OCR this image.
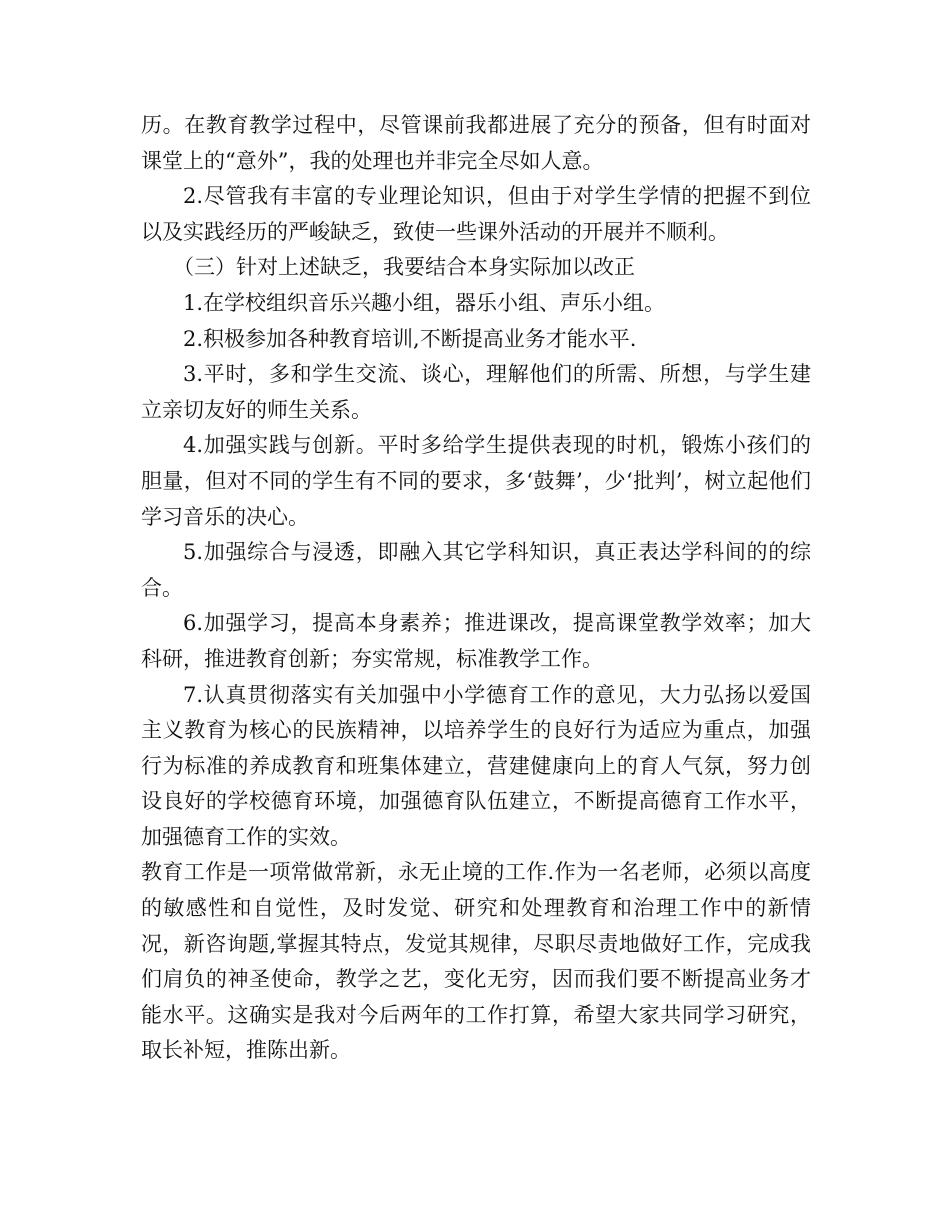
历。在教育教学过程中，尽管课前我都进展了充分的预备，但有时面对课堂上的“意外”，我的处理也并非完全尽如人意。

2.尽管我有丰富的专业理论知识，但由于对学生学情的把握不到位以及实践经历的严峻缺乏，致使一些课外活动的开展并不顺利。

（三）针对上述缺乏，我要结合本身实际加以改正

1.在学校组织音乐兴趣小组，器乐小组、声乐小组。

2.积极参加各种教育培训,不断提高业务才能水平.

3.平时，多和学生交流、谈心，理解他们的所需、所想，与学生建立亲切友好的师生关系。

4.加强实践与创新。平时多给学生提供表现的时机，锻炼小孩们的胆量，但对不同的学生有不同的要求，多‘鼓舞’，少‘批判’，树立起他们学习音乐的决心。

5.加强综合与浸透，即融入其它学科知识，真正表达学科间的的综合。

6.加强学习，提高本身素养；推进课改，提高课堂教学效率；加大科研，推进教育创新；夯实常规，标准教学工作。

7.认真贯彻落实有关加强中小学德育工作的意见，大力弘扬以爱国主义教育为核心的民族精神，以培养学生的良好行为适应为重点，加强行为标准的养成教育和班集体建立，营建健康向上的育人气氛，努力创设良好的学校德育环境，加强德育队伍建立，不断提高德育工作水平，加强德育工作的实效。

教育工作是一项常做常新，永无止境的工作.作为一名老师，必须以高度的敏感性和自觉性，及时发觉、研究和处理教育和治理工作中的新情况，新咨询题,掌握其特点，发觉其规律，尽职尽责地做好工作，完成我们肩负的神圣使命，教学之艺，变化无穷，因而我们要不断提高业务才能水平。这确实是我对今后两年的工作打算，希望大家共同学习研究，取长补短，推陈出新。
